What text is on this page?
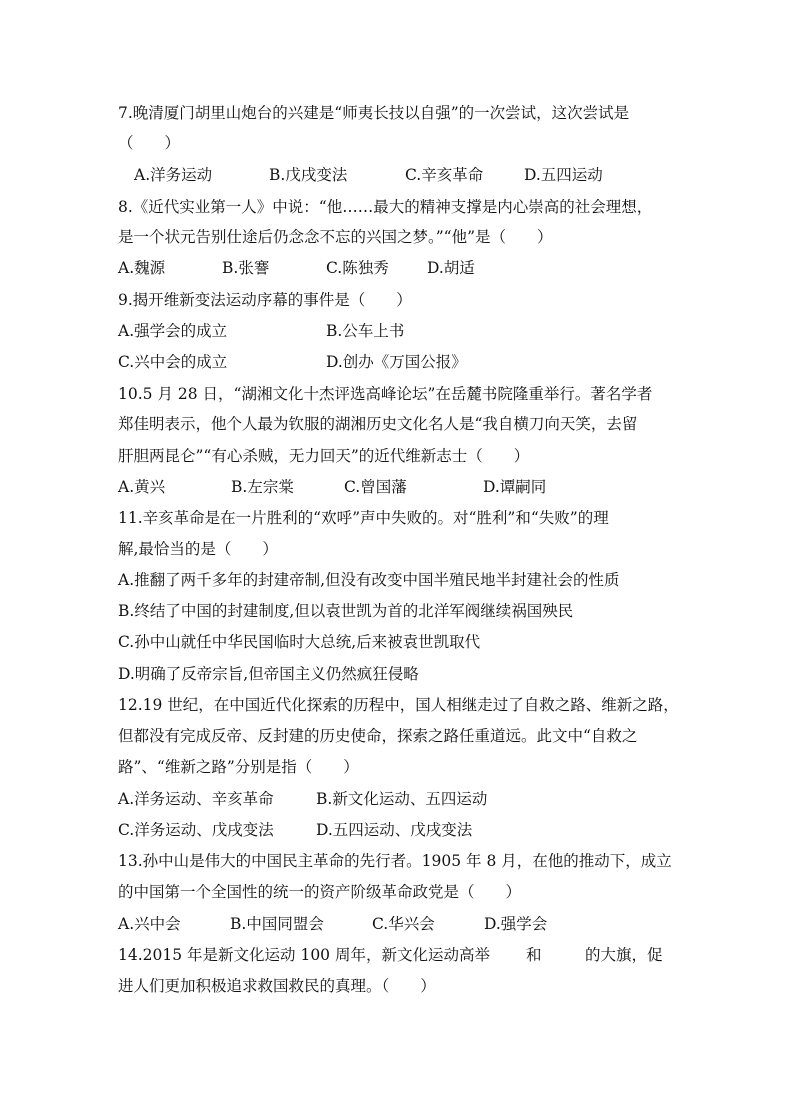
7.晚清厦门胡里山炮台的兴建是“师夷长技以自强”的一次尝试，这次尝试是
（　　）
A.洋务运动	B.戊戌变法	C.辛亥革命	D.五四运动
8.《近代实业第一人》中说：“他……最大的精神支撑是内心崇高的社会理想，
是一个状元告别仕途后仍念念不忘的兴国之梦。”“他”是（　　）
A.魏源	B.张謇	C.陈独秀 D.胡适
9.揭开维新变法运动序幕的事件是（　　）
A.强学会的成立	B.公车上书
C.兴中会的成立	D.创办《万国公报》
10.5 月 28 日，“湖湘文化十杰评选高峰论坛”在岳麓书院隆重举行。著名学者
郑佳明表示，他个人最为钦服的湖湘历史文化名人是“我自横刀向天笑，去留
肝胆两昆仑”“有心杀贼，无力回天”的近代维新志士（　　）
A.黄兴	B.左宗棠	C.曾国藩	D.谭嗣同
11.辛亥革命是在一片胜利的“欢呼”声中失败的。对“胜利”和“失败”的理
解,最恰当的是（　　）
A.推翻了两千多年的封建帝制,但没有改变中国半殖民地半封建社会的性质
B.终结了中国的封建制度,但以袁世凯为首的北洋军阀继续祸国殃民
C.孙中山就任中华民国临时大总统,后来被袁世凯取代
D.明确了反帝宗旨,但帝国主义仍然疯狂侵略
12.19 世纪，在中国近代化探索的历程中，国人相继走过了自救之路、维新之路，
但都没有完成反帝、反封建的历史使命，探索之路任重道远。此文中“自救之
路”、“维新之路”分别是指（　　）
A.洋务运动、辛亥革命	B.新文化运动、五四运动
C.洋务运动、戊戌变法	D.五四运动、戊戌变法
13.孙中山是伟大的中国民主革命的先行者。1905 年 8 月，在他的推动下，成立
的中国第一个全国性的统一的资产阶级革命政党是（　　）
A.兴中会	B.中国同盟会	C.华兴会	D.强学会
14.2015 年是新文化运动 100 周年，新文化运动高举 和	的大旗，促
进人们更加积极追求救国救民的真理。（　　）
